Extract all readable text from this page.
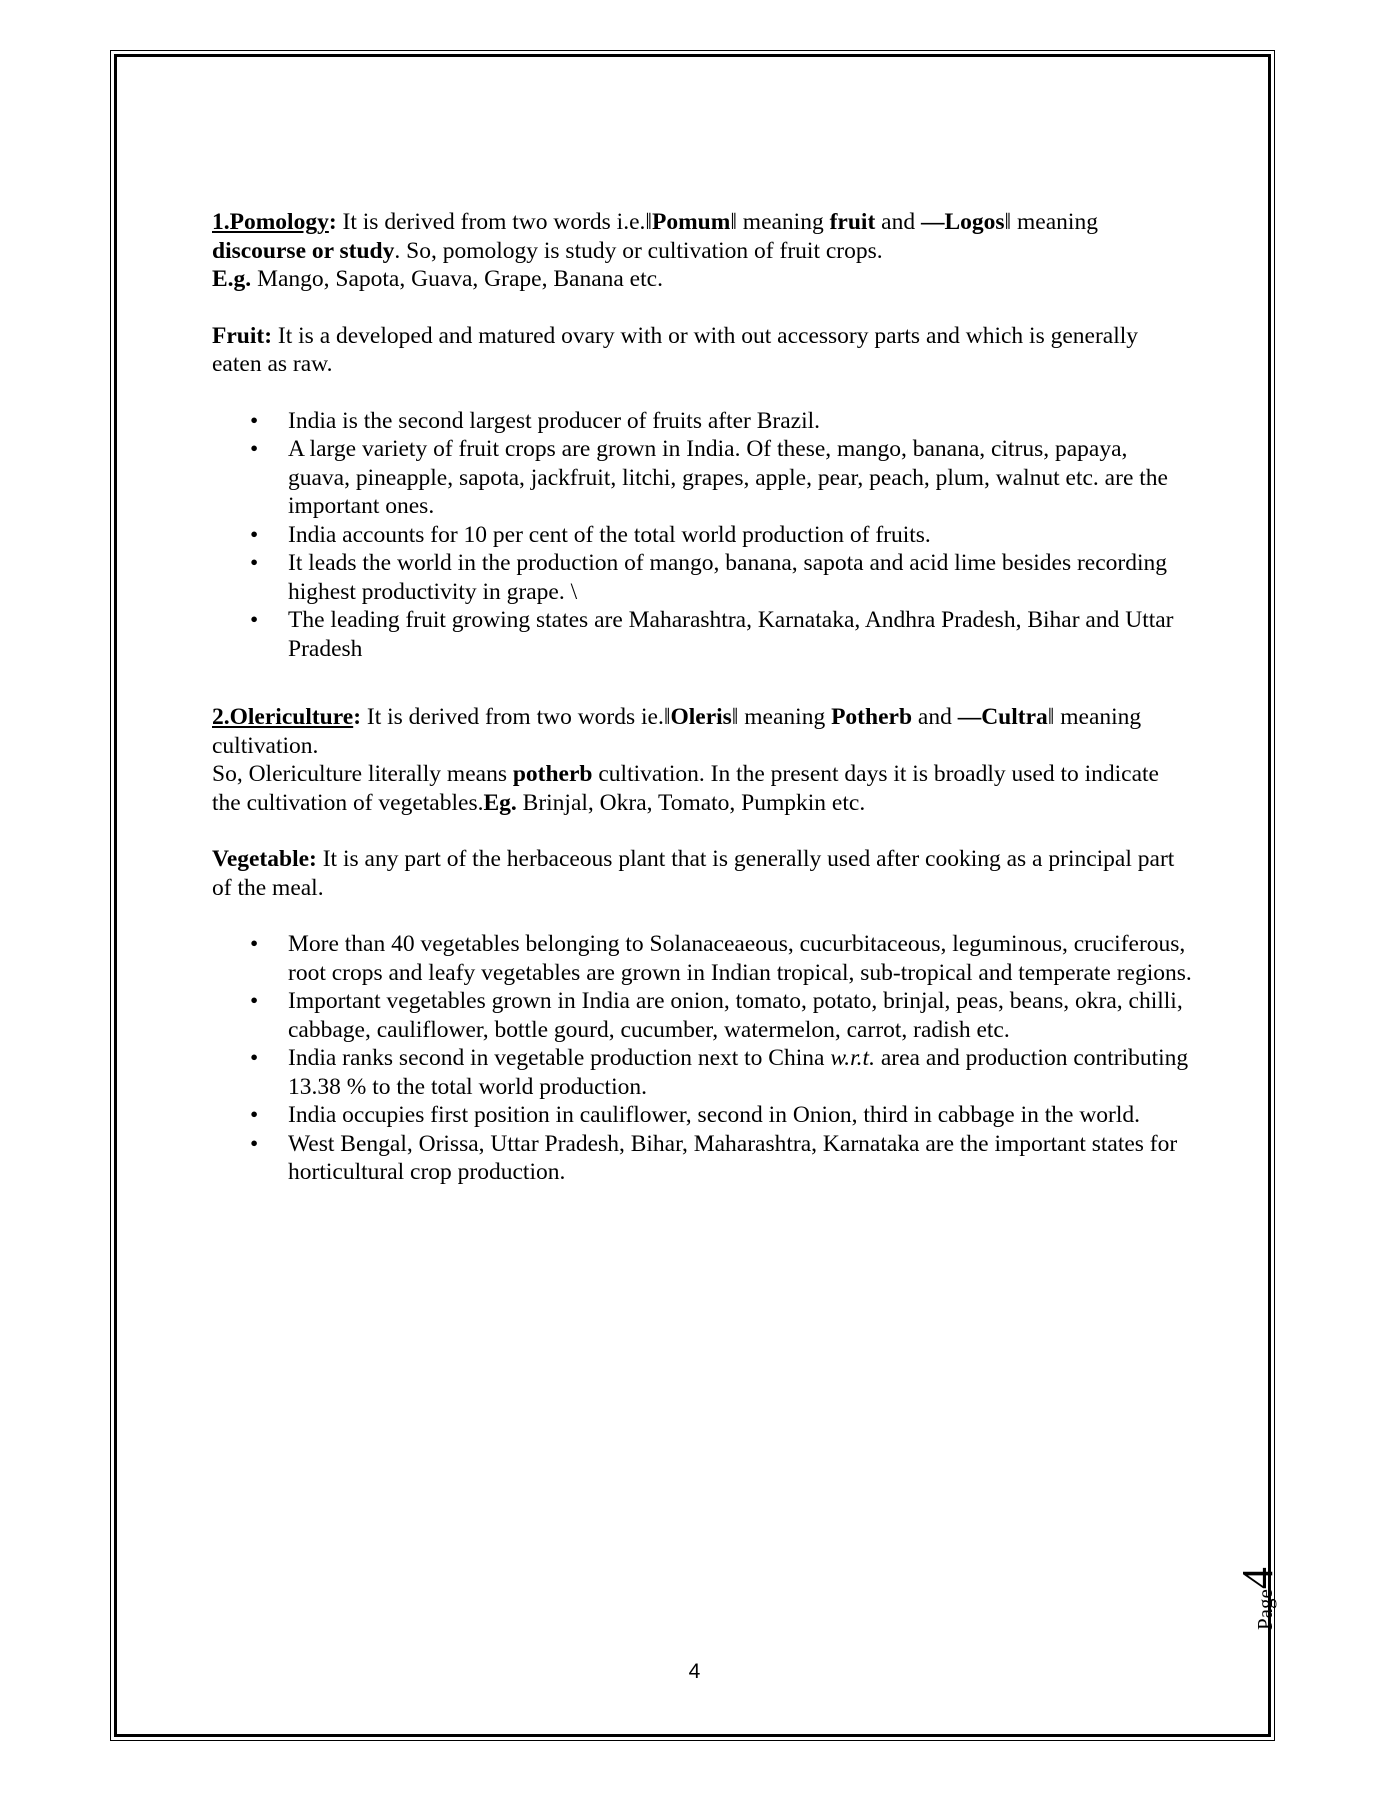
1.Pomology: It is derived from two words i.e.‖Pomum‖ meaning fruit and —Logos‖ meaning discourse or study. So, pomology is study or cultivation of fruit crops.

E.g. Mango, Sapota, Guava, Grape, Banana etc.

Fruit: It is a developed and matured ovary with or with out accessory parts and which is generally eaten as raw.

• India is the second largest producer of fruits after Brazil.
• A large variety of fruit crops are grown in India. Of these, mango, banana, citrus, papaya, guava, pineapple, sapota, jackfruit, litchi, grapes, apple, pear, peach, plum, walnut etc. are the important ones.
• India accounts for 10 per cent of the total world production of fruits.
• It leads the world in the production of mango, banana, sapota and acid lime besides recording highest productivity in grape. \
• The leading fruit growing states are Maharashtra, Karnataka, Andhra Pradesh, Bihar and Uttar Pradesh

2.Olericulture: It is derived from two words ie.‖Oleris‖ meaning Potherb and —Cultra‖ meaning cultivation.

So, Olericulture literally means potherb cultivation. In the present days it is broadly used to indicate the cultivation of vegetables.Eg. Brinjal, Okra, Tomato, Pumpkin etc.

Vegetable: It is any part of the herbaceous plant that is generally used after cooking as a principal part of the meal.

• More than 40 vegetables belonging to Solanaceaeous, cucurbitaceous, leguminous, cruciferous, root crops and leafy vegetables are grown in Indian tropical, sub-tropical and temperate regions.
• Important vegetables grown in India are onion, tomato, potato, brinjal, peas, beans, okra, chilli, cabbage, cauliflower, bottle gourd, cucumber, watermelon, carrot, radish etc.
• India ranks second in vegetable production next to China w.r.t. area and production contributing 13.38 % to the total world production.
• India occupies first position in cauliflower, second in Onion, third in cabbage in the world.
• West Bengal, Orissa, Uttar Pradesh, Bihar, Maharashtra, Karnataka are the important states for horticultural crop production.
Page4
4
